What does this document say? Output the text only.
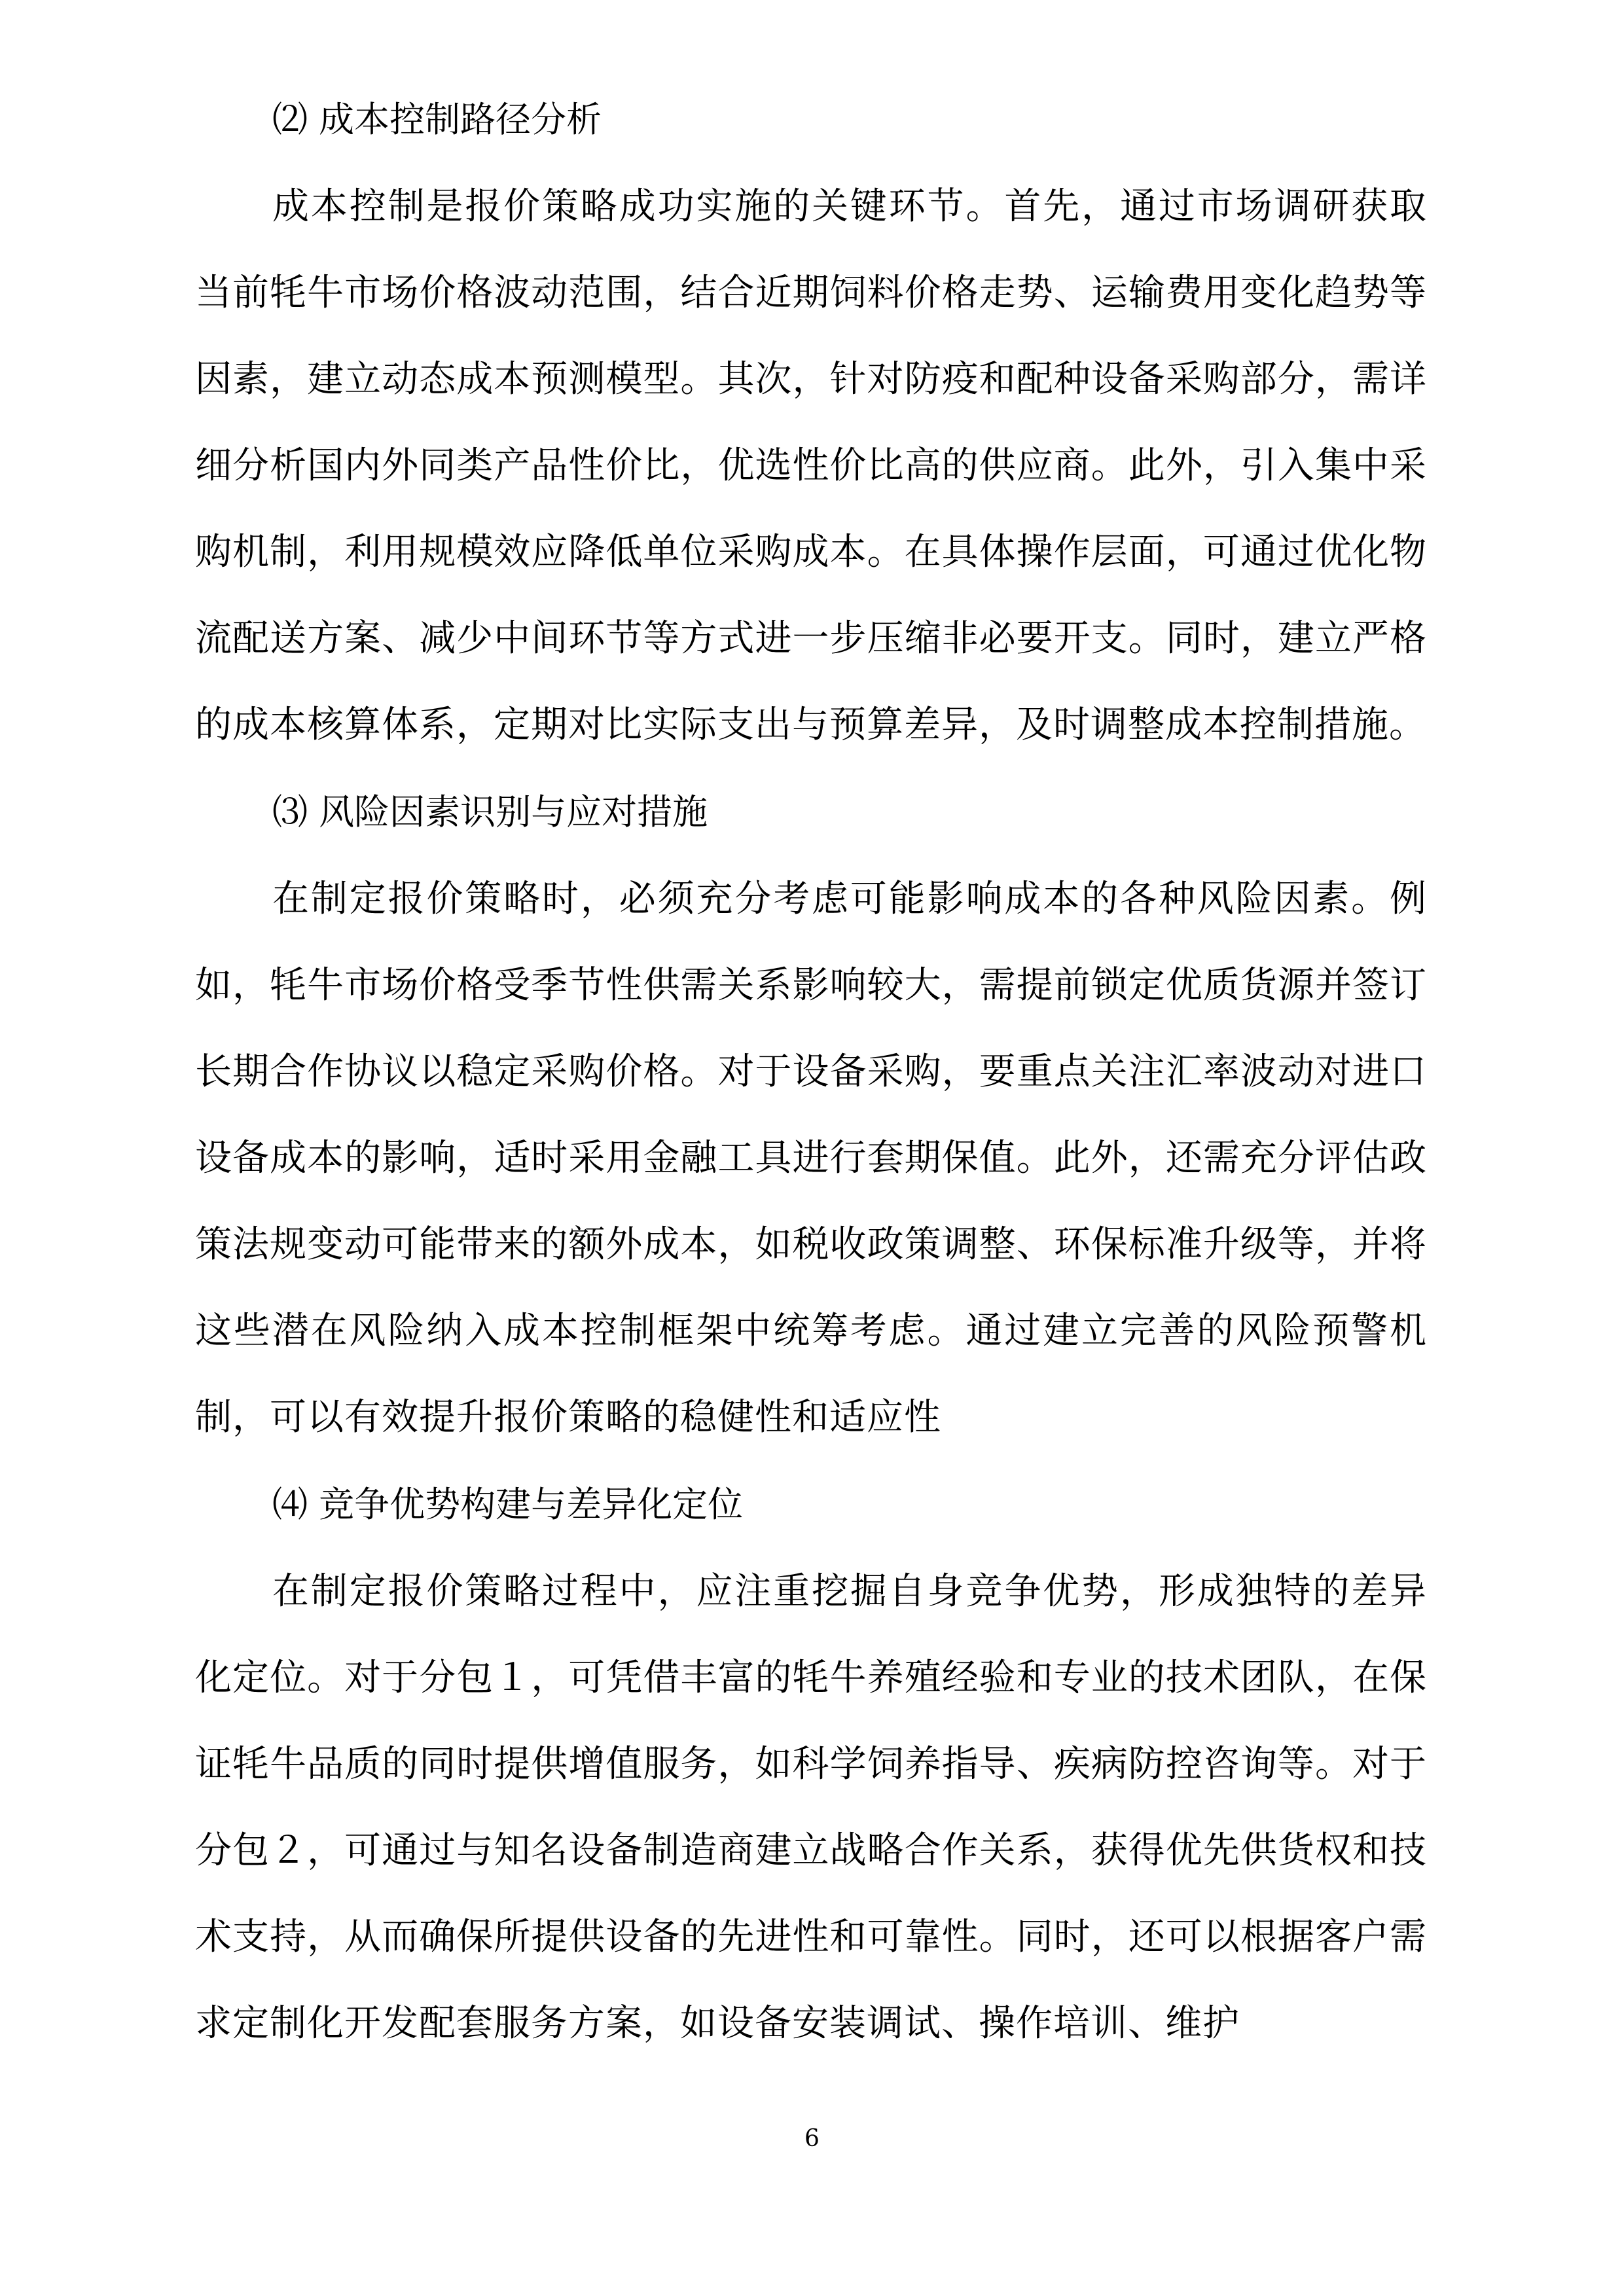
⑵ 成本控制路径分析

成本控制是报价策略成功实施的关键环节。首先，通过市场调研获取当前牦牛市场价格波动范围，结合近期饲料价格走势、运输费用变化趋势等因素，建立动态成本预测模型。其次，针对防疫和配种设备采购部分，需详细分析国内外同类产品性价比，优选性价比高的供应商。此外，引入集中采购机制，利用规模效应降低单位采购成本。在具体操作层面，可通过优化物流配送方案、减少中间环节等方式进一步压缩非必要开支。同时，建立严格的成本核算体系，定期对比实际支出与预算差异，及时调整成本控制措施。

⑶ 风险因素识别与应对措施

在制定报价策略时，必须充分考虑可能影响成本的各种风险因素。例如，牦牛市场价格受季节性供需关系影响较大，需提前锁定优质货源并签订长期合作协议以稳定采购价格。对于设备采购，要重点关注汇率波动对进口设备成本的影响，适时采用金融工具进行套期保值。此外，还需充分评估政策法规变动可能带来的额外成本，如税收政策调整、环保标准升级等，并将这些潜在风险纳入成本控制框架中统筹考虑。通过建立完善的风险预警机制，可以有效提升报价策略的稳健性和适应性

⑷ 竞争优势构建与差异化定位

在制定报价策略过程中，应注重挖掘自身竞争优势，形成独特的差异化定位。对于分包１，可凭借丰富的牦牛养殖经验和专业的技术团队，在保证牦牛品质的同时提供增值服务，如科学饲养指导、疾病防控咨询等。对于分包２，可通过与知名设备制造商建立战略合作关系，获得优先供货权和技术支持，从而确保所提供设备的先进性和可靠性。同时，还可以根据客户需求定制化开发配套服务方案，如设备安装调试、操作培训、维护

6
